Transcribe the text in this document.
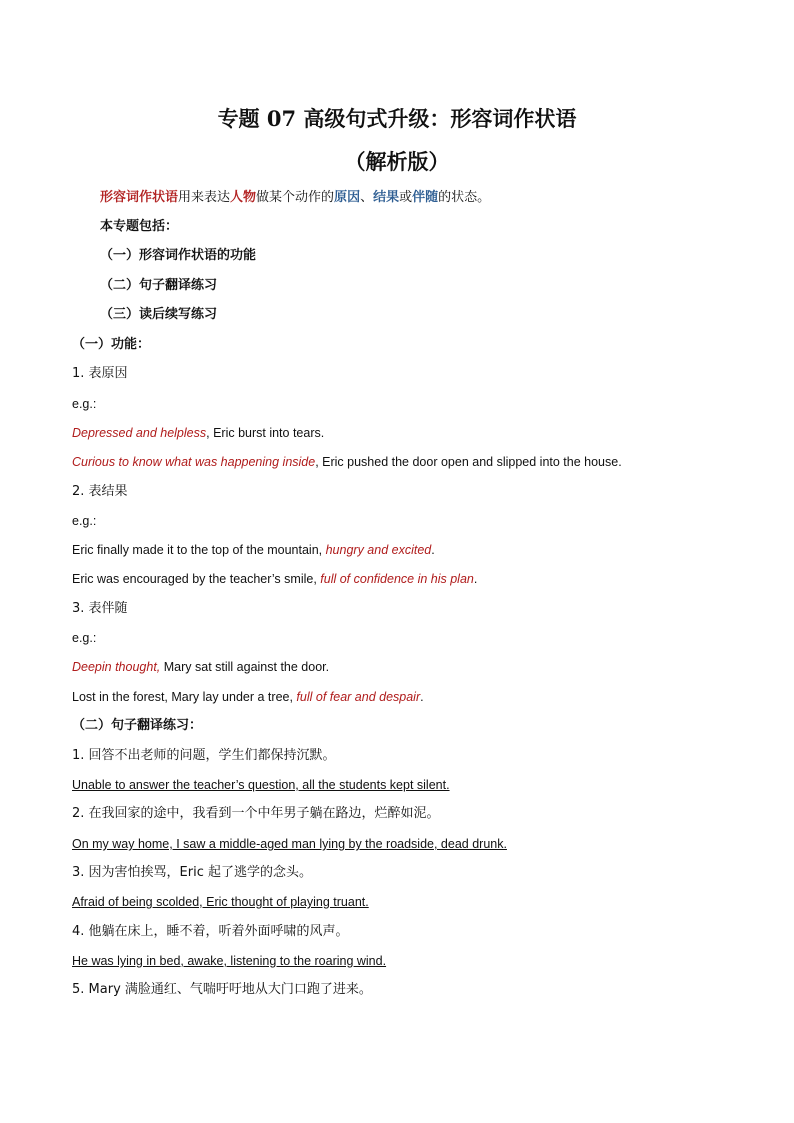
专题 07 高级句式升级：形容词作状语
（解析版）
形容词作状语用来表达人物做某个动作的原因、结果或伴随的状态。
本专题包括：
（一）形容词作状语的功能
（二）句子翻译练习
（三）读后续写练习
（一）功能：
1. 表原因
e.g.:
Depressed and helpless, Eric burst into tears.
Curious to know what was happening inside, Eric pushed the door open and slipped into the house.
2. 表结果
e.g.:
Eric finally made it to the top of the mountain, hungry and excited.
Eric was encouraged by the teacher’s smile, full of confidence in his plan.
3. 表伴随
e.g.:
Deepin thought, Mary sat still against the door.
Lost in the forest, Mary lay under a tree, full of fear and despair.
（二）句子翻译练习：
1. 回答不出老师的问题，学生们都保持沉默。
Unable to answer the teacher’s question, all the students kept silent.
2. 在我回家的途中，我看到一个中年男子躺在路边，烂醉如泥。
On my way home, I saw a middle-aged man lying by the roadside, dead drunk.
3. 因为害怕挨骂，Eric 起了逃学的念头。
Afraid of being scolded, Eric thought of playing truant.
4. 他躺在床上，睡不着，听着外面呼啸的风声。
He was lying in bed, awake, listening to the roaring wind.
5. Mary 满脸通红、气喘吁吁地从大门口跑了进来。
